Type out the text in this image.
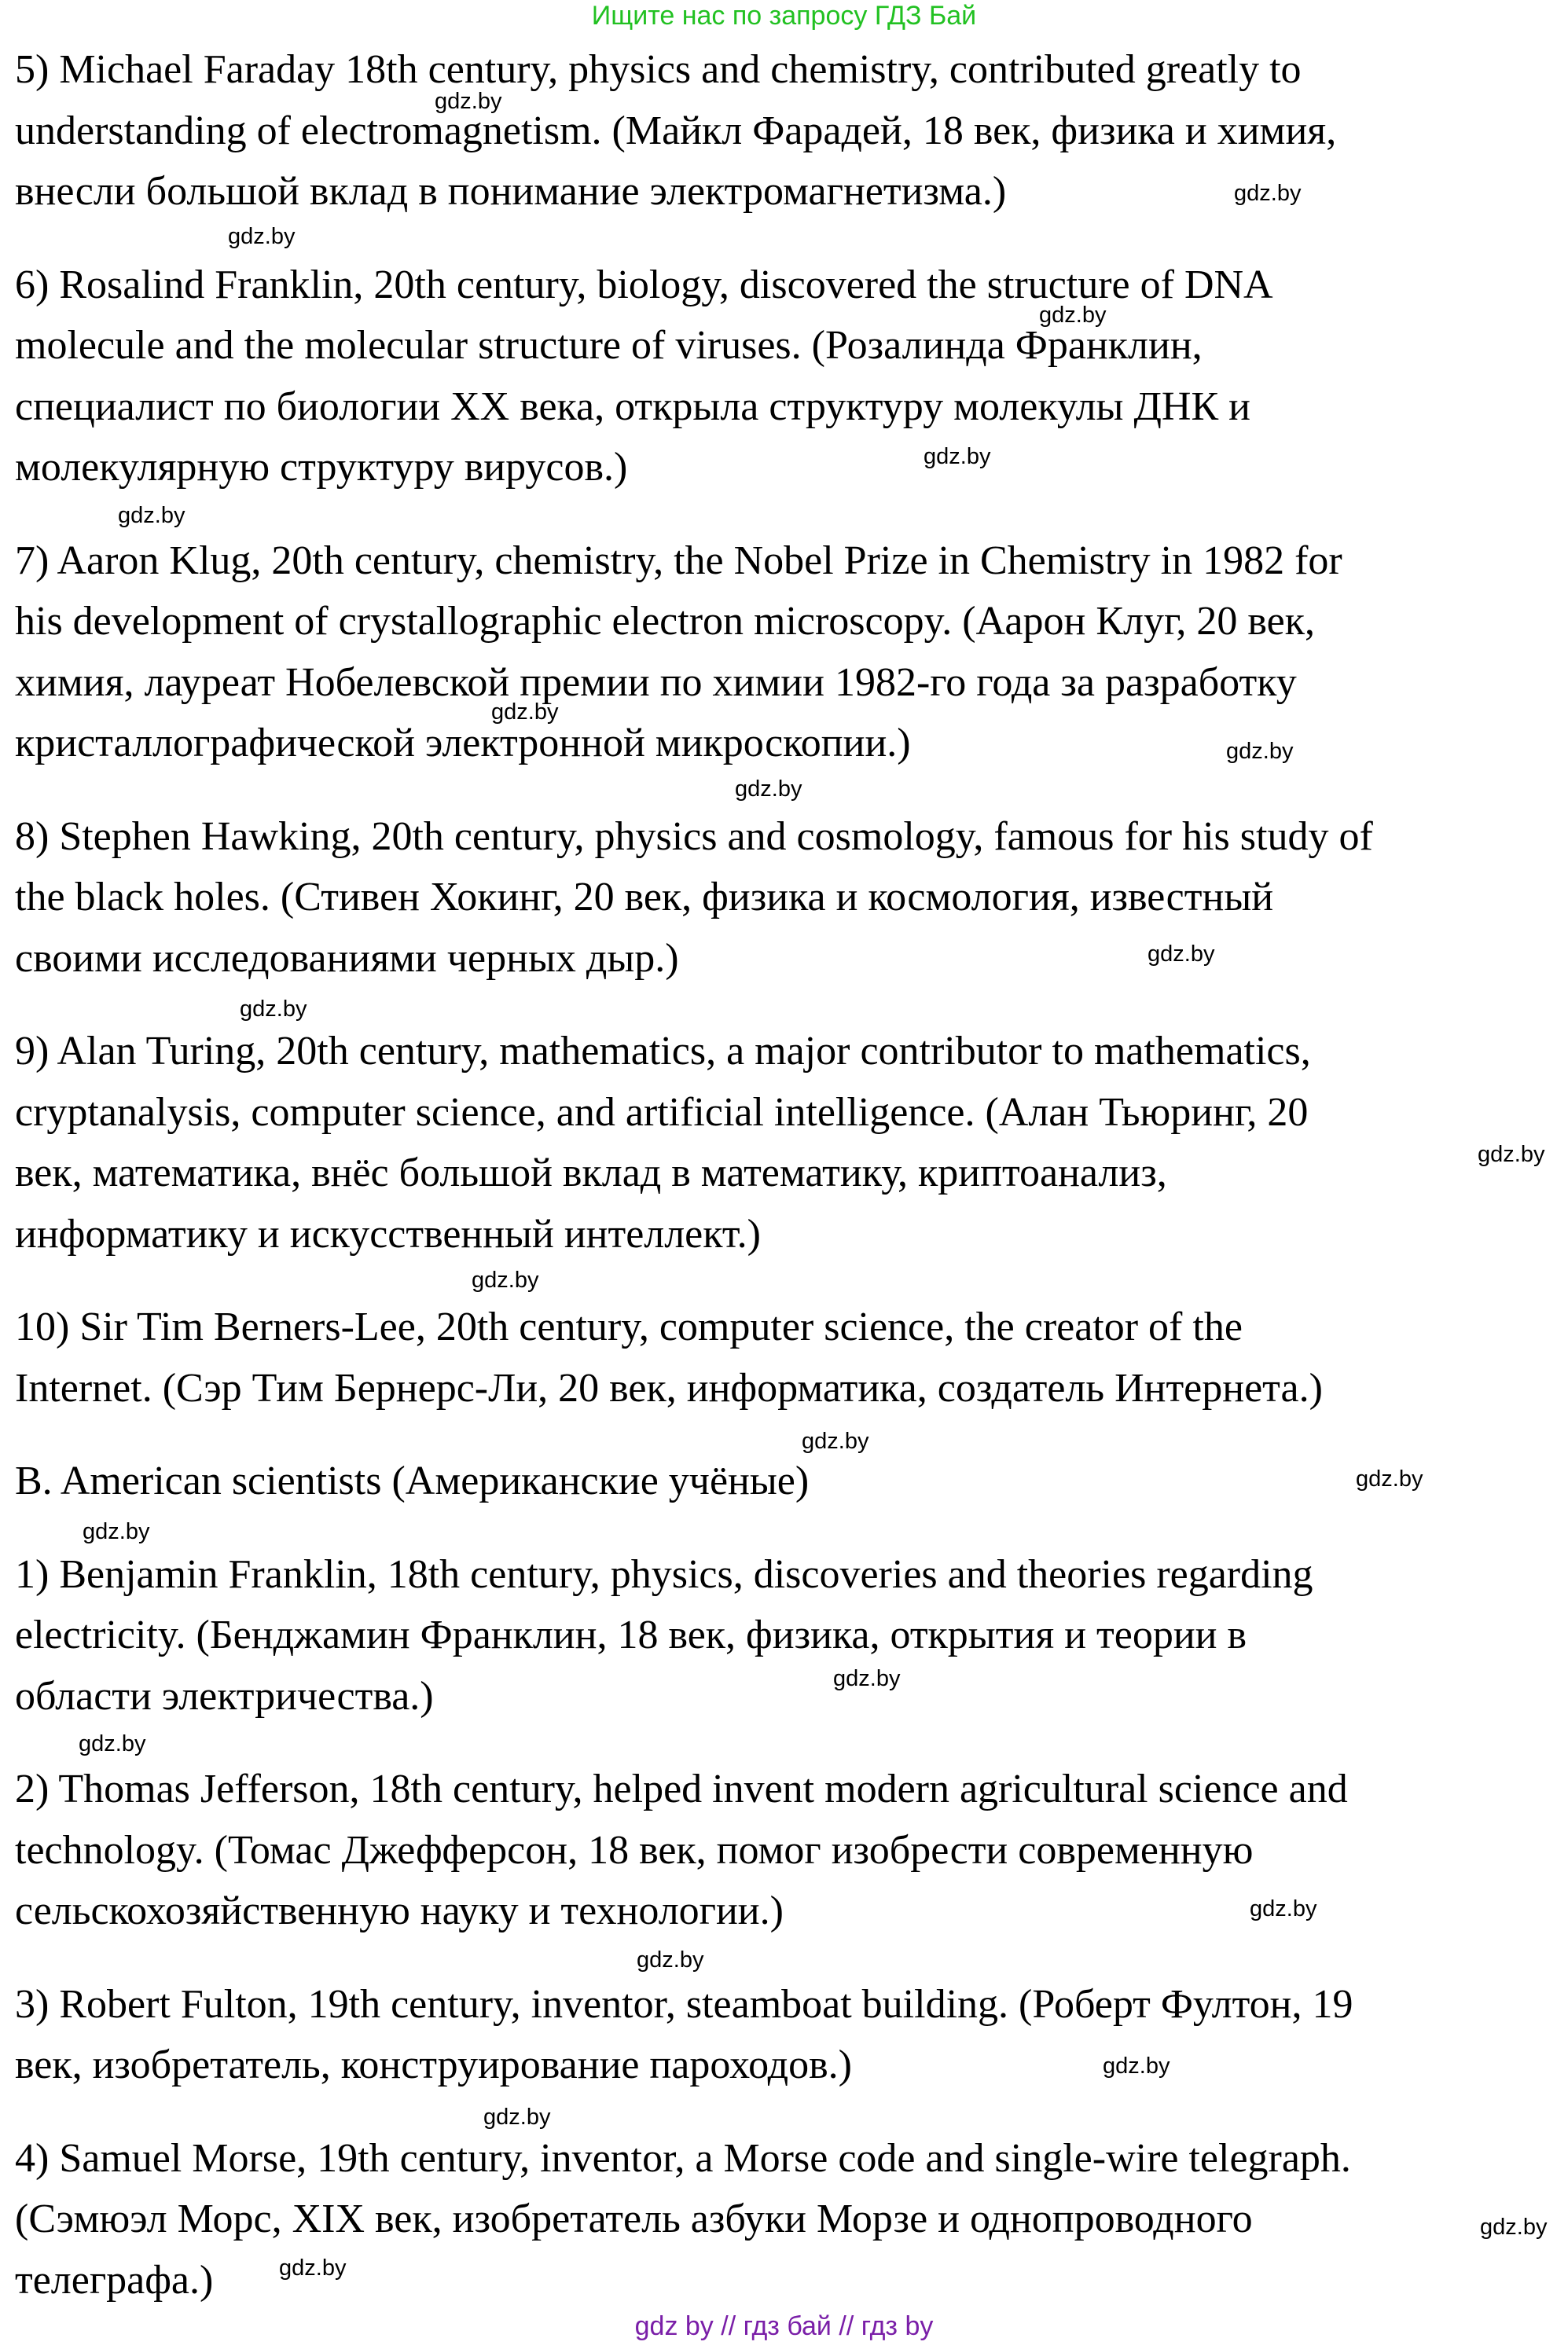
Ищите нас по запросу ГДЗ Бай
5) Michael Faraday 18th century, physics and chemistry, contributed greatly to
understanding of electromagnetism. (Майкл Фарадей, 18 век, физика и химия,
внесли большой вклад в понимание электромагнетизма.)
6) Rosalind Franklin, 20th century, biology, discovered the structure of DNA
molecule and the molecular structure of viruses. (Розалинда Франклин,
специалист по биологии XX века, открыла структуру молекулы ДНК и
молекулярную структуру вирусов.)
7) Aaron Klug, 20th century, chemistry, the Nobel Prize in Chemistry in 1982 for
his development of crystallographic electron microscopy. (Аарон Клуг, 20 век,
химия, лауреат Нобелевской премии по химии 1982-го года за разработку
кристаллографической электронной микроскопии.)
8) Stephen Hawking, 20th century, physics and cosmology, famous for his study of
the black holes. (Стивен Хокинг, 20 век, физика и космология, известный
своими исследованиями черных дыр.)
9) Alan Turing, 20th century, mathematics, a major contributor to mathematics,
cryptanalysis, computer science, and artificial intelligence. (Алан Тьюринг, 20
век, математика, внёс большой вклад в математику, криптоанализ,
информатику и искусственный интеллект.)
10) Sir Tim Berners-Lee, 20th century, computer science, the creator of the
Internet. (Сэр Тим Бернерс-Ли, 20 век, информатика, создатель Интернета.)
B. American scientists (Американские учёные)
1) Benjamin Franklin, 18th century, physics, discoveries and theories regarding
electricity. (Бенджамин Франклин, 18 век, физика, открытия и теории в
области электричества.)
2) Thomas Jefferson, 18th century, helped invent modern agricultural science and
technology. (Томас Джефферсон, 18 век, помог изобрести современную
сельскохозяйственную науку и технологии.)
3) Robert Fulton, 19th century, inventor, steamboat building. (Роберт Фултон, 19
век, изобретатель, конструирование пароходов.)
4) Samuel Morse, 19th century, inventor, a Morse code and single-wire telegraph.
(Сэмюэл Морс, XIX век, изобретатель азбуки Морзе и однопроводного
телеграфа.)
gdz.by
gdz.by
gdz.by
gdz.by
gdz.by
gdz.by
gdz.by
gdz.by
gdz.by
gdz.by
gdz.by
gdz.by
gdz.by
gdz.by
gdz.by
gdz.by
gdz.by
gdz.by
gdz.by
gdz.by
gdz.by
gdz.by
gdz.by
gdz.by
gdz by // гдз бай // гдз by
